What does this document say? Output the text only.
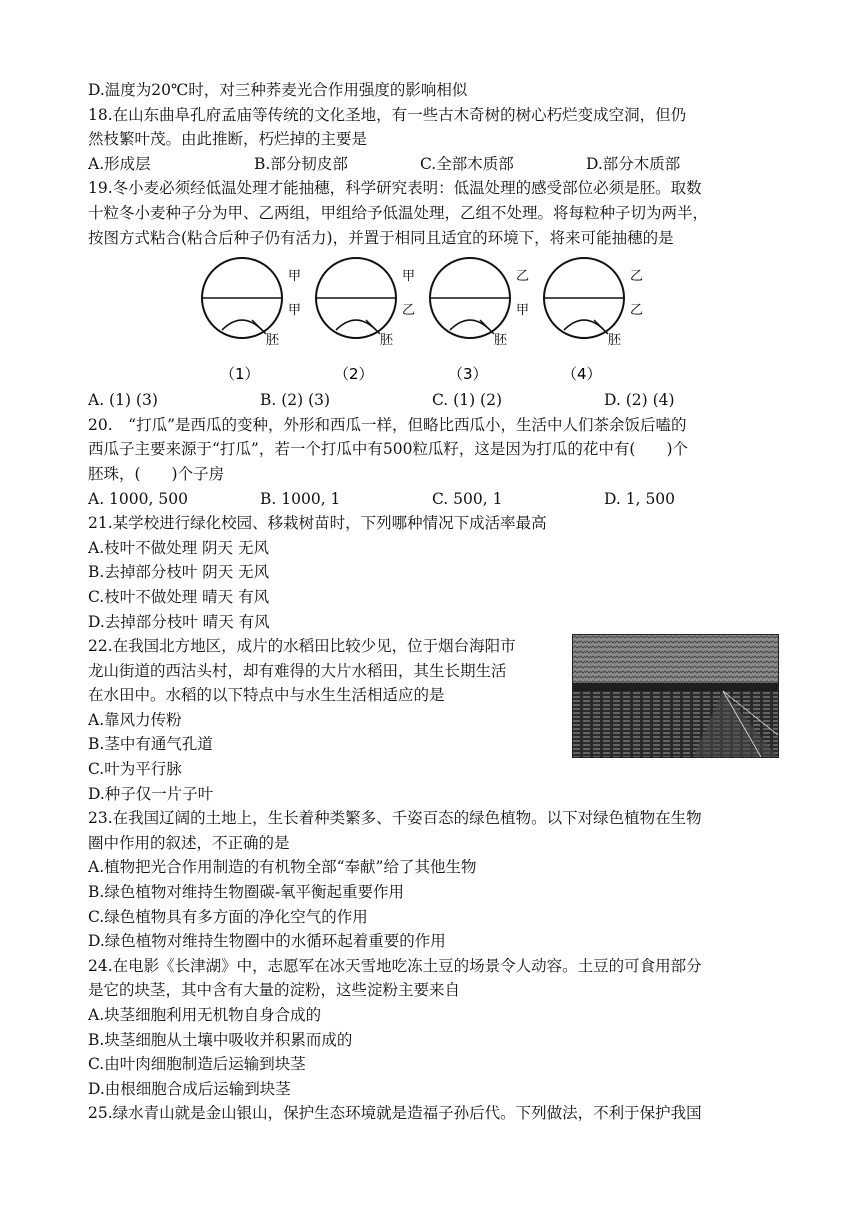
D.温度为20℃时，对三种荞麦光合作用强度的影响相似
18.在山东曲阜孔府孟庙等传统的文化圣地，有一些古木奇树的树心朽烂变成空洞，但仍
然枝繁叶茂。由此推断，朽烂掉的主要是
A.形成层	B.部分韧皮部	C.全部木质部	D.部分木质部
19.冬小麦必须经低温处理才能抽穗，科学研究表明：低温处理的感受部位必须是胚。取数
十粒冬小麦种子分为甲、乙两组，甲组给予低温处理，乙组不处理。将每粒种子切为两半，
按图方式粘合(粘合后种子仍有活力)，并置于相同且适宜的环境下，将来可能抽穗的是
甲
甲
胚
（1）
甲
乙
胚
（2）
乙
甲
胚
（3）
乙
乙
胚
（4）
A. (1) (3)	B. (2) (3)	C. (1) (2)	D. (2) (4)
20.　“打瓜”是西瓜的变种，外形和西瓜一样，但略比西瓜小，生活中人们茶余饭后嗑的
西瓜子主要来源于“打瓜”，若一个打瓜中有500粒瓜籽，这是因为打瓜的花中有(　　)个
胚珠，(　　)个子房
A. 1000, 500	B. 1000, 1	C. 500, 1	D. 1, 500
21.某学校进行绿化校园、移栽树苗时，下列哪种情况下成活率最高
A.枝叶不做处理 阴天 无风
B.去掉部分枝叶 阴天 无风
C.枝叶不做处理 晴天 有风
D.去掉部分枝叶 晴天 有风
22.在我国北方地区，成片的水稻田比较少见，位于烟台海阳市
龙山街道的西沽头村，却有难得的大片水稻田，其生长期生活
在水田中。水稻的以下特点中与水生生活相适应的是
A.靠风力传粉
B.茎中有通气孔道
C.叶为平行脉
D.种子仅一片子叶
23.在我国辽阔的土地上，生长着种类繁多、千姿百态的绿色植物。以下对绿色植物在生物
圈中作用的叙述，不正确的是
A.植物把光合作用制造的有机物全部“奉献”给了其他生物
B.绿色植物对维持生物圈碳-氧平衡起重要作用
C.绿色植物具有多方面的净化空气的作用
D.绿色植物对维持生物圈中的水循环起着重要的作用
24.在电影《长津湖》中，志愿军在冰天雪地吃冻土豆的场景令人动容。土豆的可食用部分
是它的块茎，其中含有大量的淀粉，这些淀粉主要来自
A.块茎细胞利用无机物自身合成的
B.块茎细胞从土壤中吸收并积累而成的
C.由叶肉细胞制造后运输到块茎
D.由根细胞合成后运输到块茎
25.绿水青山就是金山银山，保护生态环境就是造福子孙后代。下列做法，不利于保护我国
